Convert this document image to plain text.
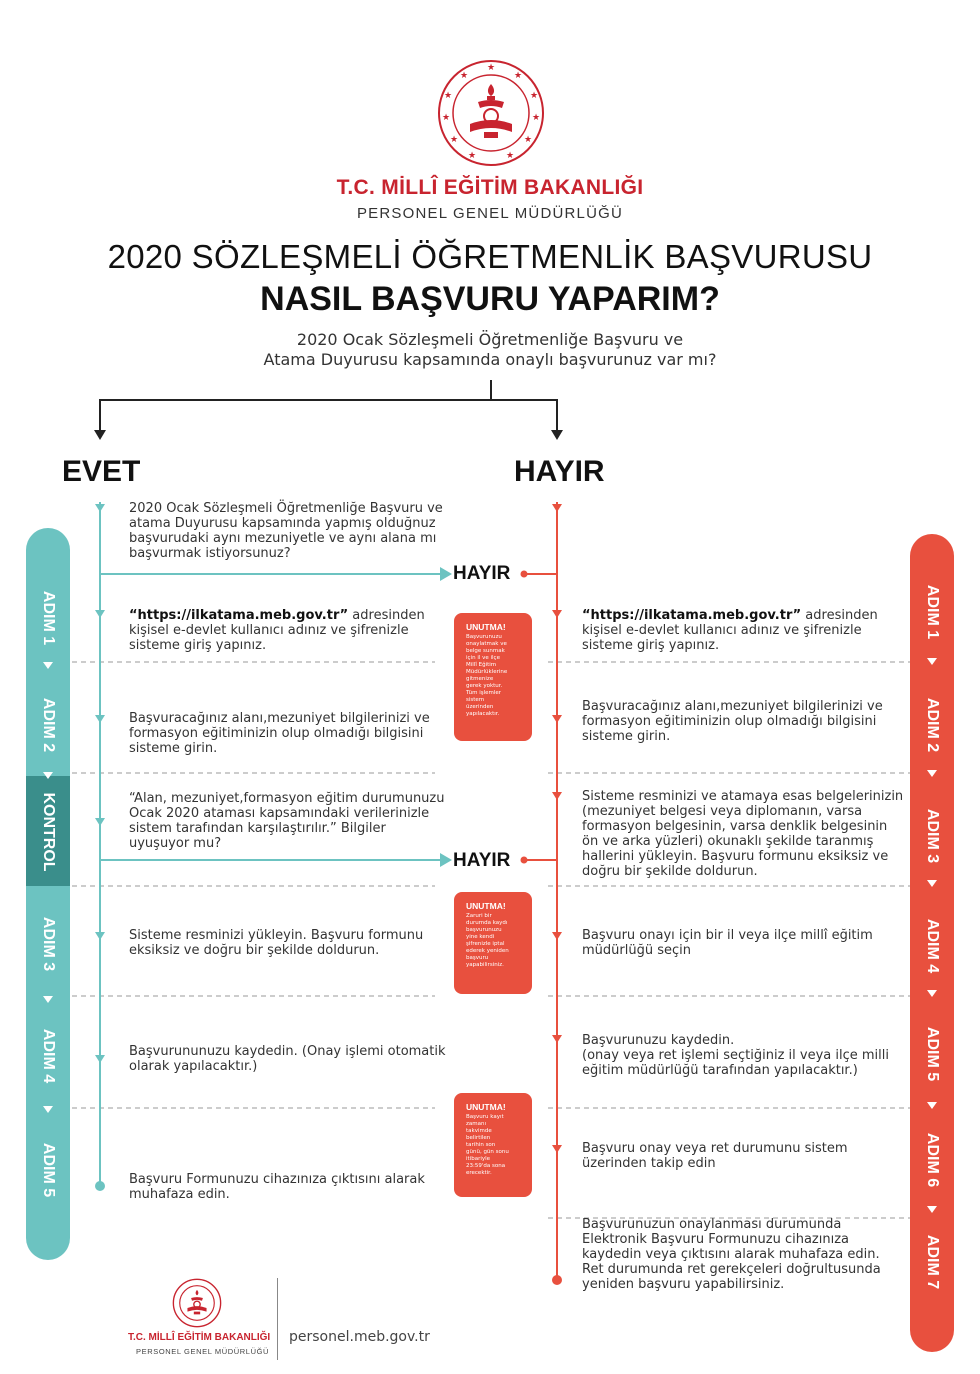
★
★
★
★
★
★
★
★
★
★
★
T.C. MİLLÎ EĞİTİM BAKANLIĞI
PERSONEL GENEL MÜDÜRLÜĞÜ
2020 SÖZLEŞMELİ ÖĞRETMENLİK BAŞVURUSU
NASIL BAŞVURU YAPARIM?
2020 Ocak Sözleşmeli Öğretmenliğe Başvuru ve
Atama Duyurusu kapsamında onaylı başvurunuz var mı?
EVET	HAYIR
ADIM 1
ADIM 2
KONTROL
ADIM 3
ADIM 4
ADIM 5
ADIM 1
ADIM 2
ADIM 3
ADIM 4
ADIM 5
ADIM 6
ADIM 7
2020 Ocak Sözleşmeli Öğretmenliğe Başvuru ve
atama Duyurusu kapsamında yapmış olduğnuz
başvurudaki aynı mezuniyetle ve aynı alana mı
başvurmak istiyorsunuz?
HAYIR
“https://ilkatama.meb.gov.tr” adresinden
kişisel e-devlet kullanıcı adınız ve şifrenizle
sisteme giriş yapınız.
Başvuracağınız alanı,mezuniyet bilgilerinizi ve
formasyon eğitiminizin olup olmadığı bilgisini
sisteme girin.
“Alan, mezuniyet,formasyon eğitim durumunuzu
Ocak 2020 ataması kapsamındaki verilerinizle
sistem tarafından karşılaştırılır.” Bilgiler
uyuşuyor mu?
HAYIR
Sisteme resminizi yükleyin. Başvuru formunu
eksiksiz ve doğru bir şekilde doldurun.
Başvurununuzu kaydedin. (Onay işlemi otomatik
olarak yapılacaktır.)
Başvuru Formunuzu cihazınıza çıktısını alarak
muhafaza edin.
UNUTMA!
Başvurunuzu
onaylatmak ve
belge sunmak
için il ve ilçe
Millî Eğitim
Müdürlüklerine
gitmenize
gerek yoktur.
Tüm işlemler
sistem
üzerinden
yapılacaktır.
UNUTMA!
Zaruri bir
durumda kaydı
başvurunuzu
yine kendi
şifrenizle iptal
ederek yeniden
başvuru
yapabilirsiniz.
UNUTMA!
Başvuru kayıt
zamanı
takvimde
belirtilen
tarihin son
günü, gün sonu
itibariyle
23:59'da sona
erecektir.
“https://ilkatama.meb.gov.tr” adresinden
kişisel e-devlet kullanıcı adınız ve şifrenizle
sisteme giriş yapınız.
Başvuracağınız alanı,mezuniyet bilgilerinizi ve
formasyon eğitiminizin olup olmadığı bilgisini
sisteme girin.
Sisteme resminizi ve atamaya esas belgelerinizin
(mezuniyet belgesi veya diplomanın, varsa
formasyon belgesinin, varsa denklik belgesinin
ön ve arka yüzleri) okunaklı şekilde taranmış
hallerini yükleyin. Başvuru formunu eksiksiz ve
doğru bir şekilde doldurun.
Başvuru onayı için bir il veya ilçe millî eğitim
müdürlüğü seçin
Başvurunuzu kaydedin.
(onay veya ret işlemi seçtiğiniz il veya ilçe milli
eğitim müdürlüğü tarafından yapılacaktır.)
Başvuru onay veya ret durumunu sistem
üzerinden takip edin
Başvurunuzun onaylanması durumunda
Elektronik Başvuru Formunuzu cihazınıza
kaydedin veya çıktısını alarak muhafaza edin.
Ret durumunda ret gerekçeleri doğrultusunda
yeniden başvuru yapabilirsiniz.
T.C. MİLLÎ EĞİTİM BAKANLIĞI
PERSONEL GENEL MÜDÜRLÜĞÜ
personel.meb.gov.tr
